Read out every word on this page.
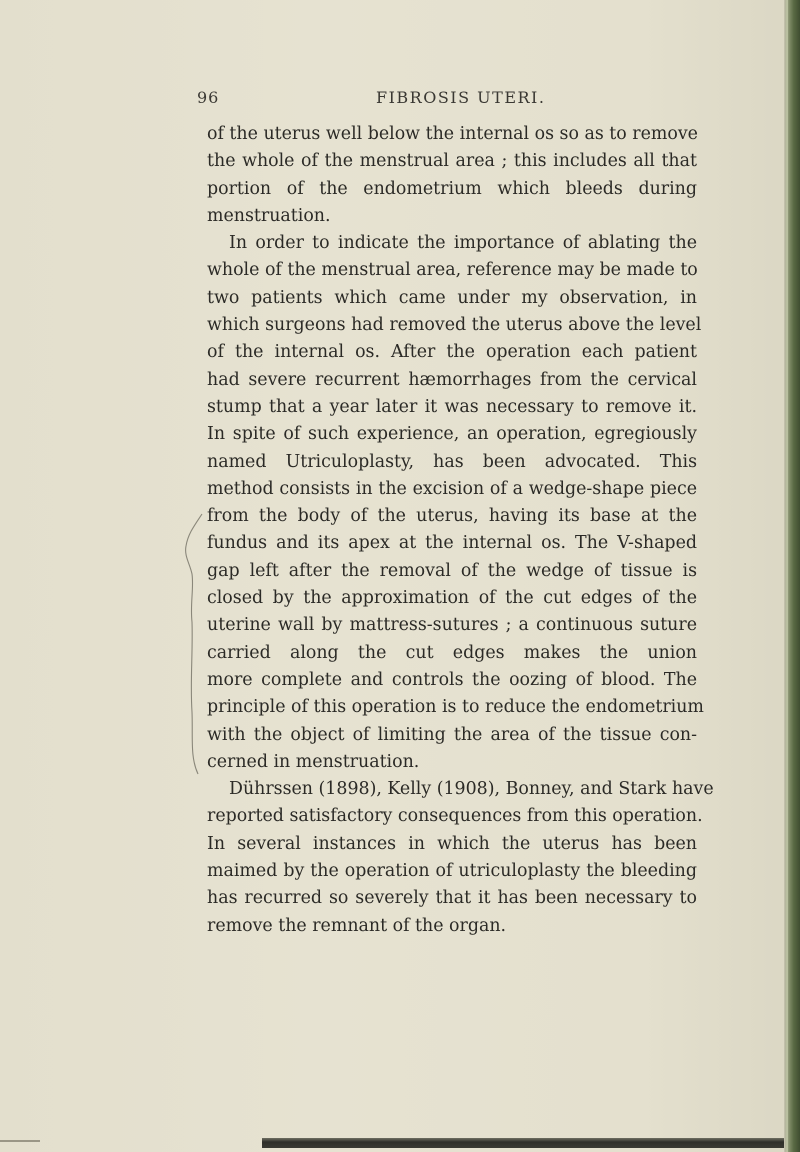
96	FIBROSIS UTERI.
of the uterus well below the internal os so as to remove
the whole of the menstrual area ; this includes all that
portion of the endometrium which bleeds during
menstruation.
In order to indicate the importance of ablating the
whole of the menstrual area, reference may be made to
two patients which came under my observation, in
which surgeons had removed the uterus above the level
of the internal os. After the operation each patient
had severe recurrent hæmorrhages from the cervical
stump that a year later it was necessary to remove it.
In spite of such experience, an operation, egregiously
named Utriculoplasty, has been advocated. This
method consists in the excision of a wedge-shape piece
from the body of the uterus, having its base at the
fundus and its apex at the internal os. The V-shaped
gap left after the removal of the wedge of tissue is
closed by the approximation of the cut edges of the
uterine wall by mattress-sutures ; a continuous suture
carried along the cut edges makes the union
more complete and controls the oozing of blood. The
principle of this operation is to reduce the endometrium
with the object of limiting the area of the tissue con-
cerned in menstruation.
Dührssen (1898), Kelly (1908), Bonney, and Stark have
reported satisfactory consequences from this operation.
In several instances in which the uterus has been
maimed by the operation of utriculoplasty the bleeding
has recurred so severely that it has been necessary to
remove the remnant of the organ.
